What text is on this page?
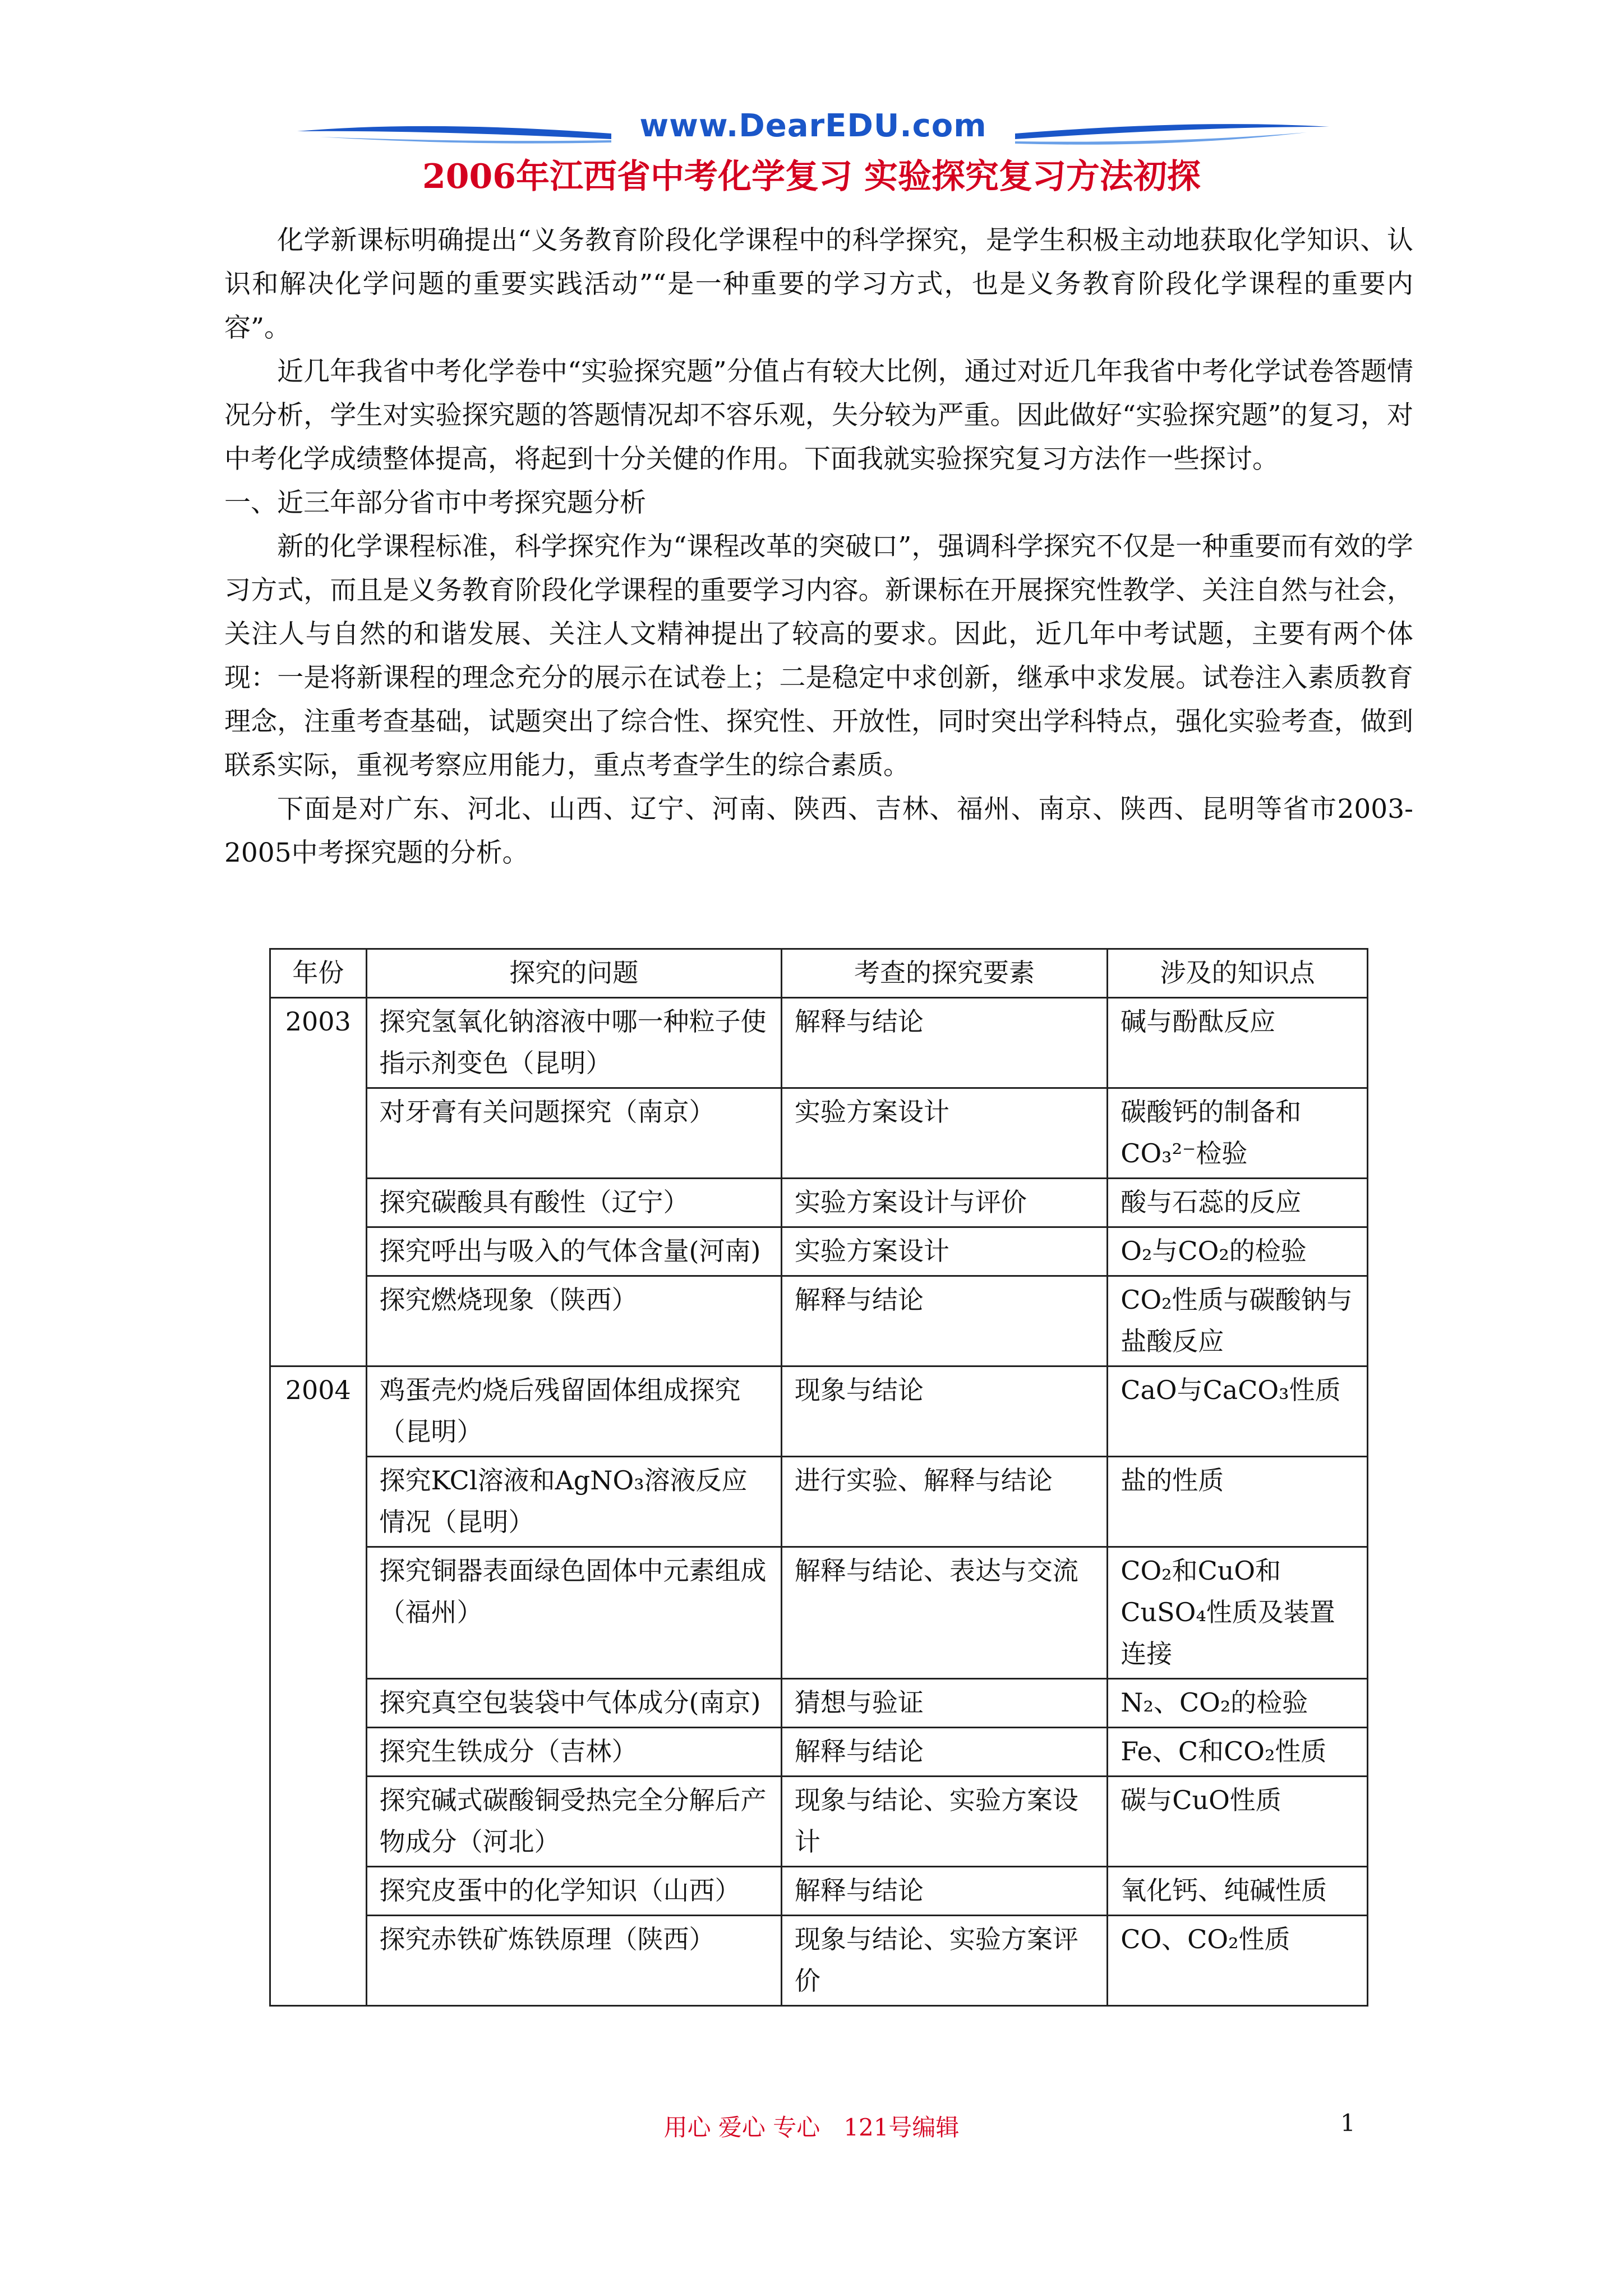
www.DearEDU.com
2006年江西省中考化学复习 实验探究复习方法初探

化学新课标明确提出“义务教育阶段化学课程中的科学探究，是学生积极主动地获取化学知识、认识和解决化学问题的重要实践活动”“是一种重要的学习方式，也是义务教育阶段化学课程的重要内容”。

近几年我省中考化学卷中“实验探究题”分值占有较大比例，通过对近几年我省中考化学试卷答题情况分析，学生对实验探究题的答题情况却不容乐观，失分较为严重。因此做好“实验探究题”的复习，对中考化学成绩整体提高，将起到十分关健的作用。下面我就实验探究复习方法作一些探讨。

一、近三年部分省市中考探究题分析

新的化学课程标准，科学探究作为“课程改革的突破口”，强调科学探究不仅是一种重要而有效的学习方式，而且是义务教育阶段化学课程的重要学习内容。新课标在开展探究性教学、关注自然与社会，关注人与自然的和谐发展、关注人文精神提出了较高的要求。因此，近几年中考试题，主要有两个体现：一是将新课程的理念充分的展示在试卷上；二是稳定中求创新，继承中求发展。试卷注入素质教育理念，注重考查基础，试题突出了综合性、探究性、开放性，同时突出学科特点，强化实验考查，做到联系实际，重视考察应用能力，重点考查学生的综合素质。

下面是对广东、河北、山西、辽宁、河南、陕西、吉林、福州、南京、陕西、昆明等省市2003-2005中考探究题的分析。

年份	探究的问题	考查的探究要素	涉及的知识点
2003	探究氢氧化钠溶液中哪一种粒子使指示剂变色（昆明）	解释与结论	碱与酚酞反应
	对牙膏有关问题探究（南京）	实验方案设计	碳酸钙的制备和CO₃²⁻检验
	探究碳酸具有酸性（辽宁）	实验方案设计与评价	酸与石蕊的反应
	探究呼出与吸入的气体含量(河南)	实验方案设计	O₂与CO₂的检验
	探究燃烧现象（陕西）	解释与结论	CO₂性质与碳酸钠与盐酸反应
2004	鸡蛋壳灼烧后残留固体组成探究（昆明）	现象与结论	CaO与CaCO₃性质
	探究KCl溶液和AgNO₃溶液反应情况（昆明）	进行实验、解释与结论	盐的性质
	探究铜器表面绿色固体中元素组成（福州）	解释与结论、表达与交流	CO₂和CuO和CuSO₄性质及装置连接
	探究真空包装袋中气体成分(南京)	猜想与验证	N₂、CO₂的检验
	探究生铁成分（吉林）	解释与结论	Fe、C和CO₂性质
	探究碱式碳酸铜受热完全分解后产物成分（河北）	现象与结论、实验方案设计	碳与CuO性质
	探究皮蛋中的化学知识（山西）	解释与结论	氧化钙、纯碱性质
	探究赤铁矿炼铁原理（陕西）	现象与结论、实验方案评价	CO、CO₂性质
用心 爱心 专心　121号编辑	1
